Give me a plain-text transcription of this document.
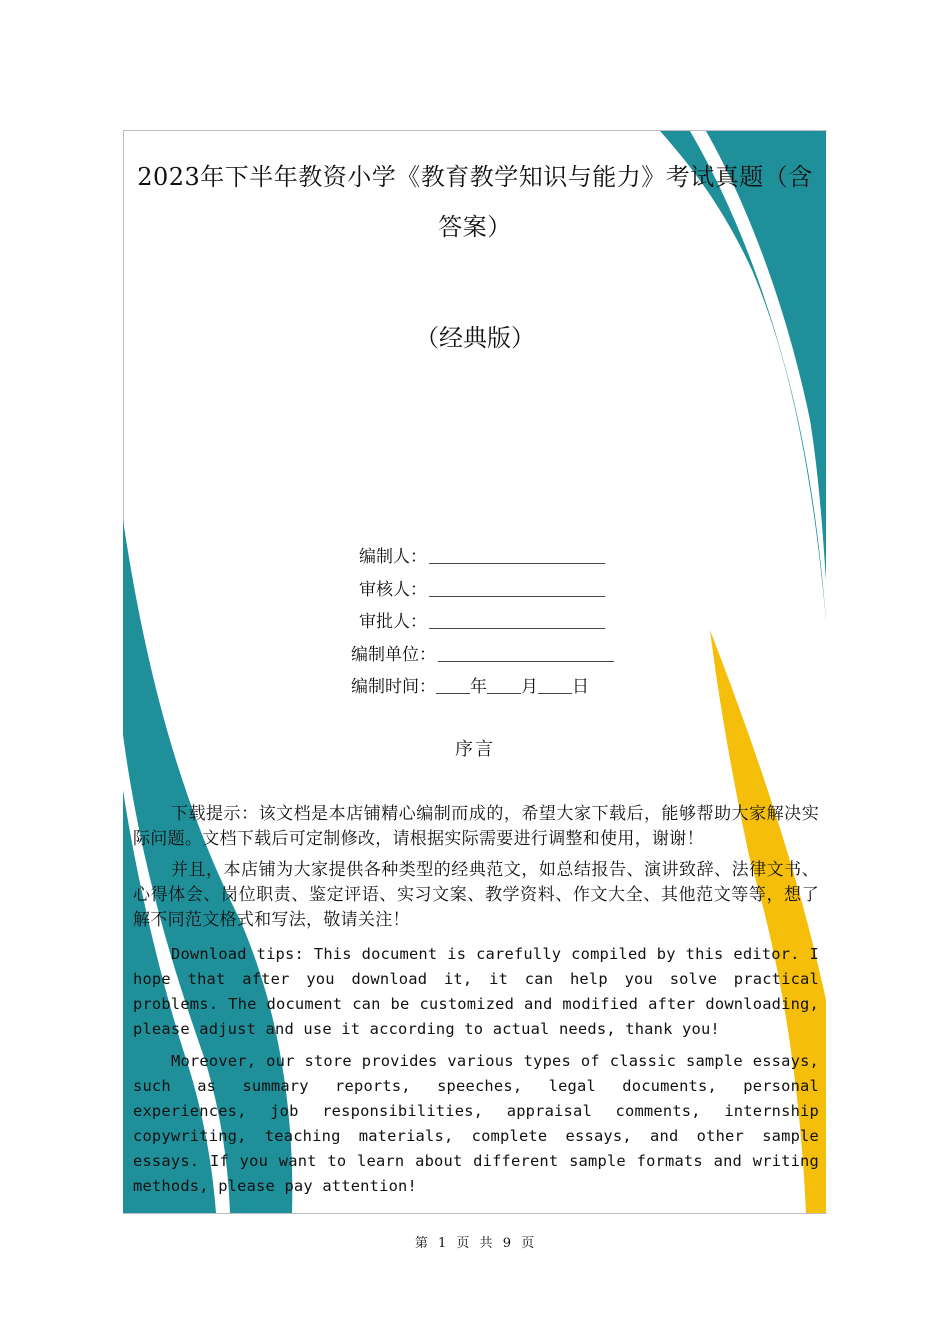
2023年下半年教资小学《教育教学知识与能力》考试真题（含
答案）
（经典版）
编制人：
审核人：
审批人：
编制单位：
编制时间： 年 月 日
序言
下载提示：该文档是本店铺精心编制而成的，希望大家下载后，能够帮助大家解决实际问题。文档下载后可定制修改，请根据实际需要进行调整和使用，谢谢！
并且，本店铺为大家提供各种类型的经典范文，如总结报告、演讲致辞、法律文书、心得体会、岗位职责、鉴定评语、实习文案、教学资料、作文大全、其他范文等等，想了解不同范文格式和写法，敬请关注！
Download tips: This document is carefully compiled by this editor. I hope that after you download it, it can help you solve practical problems. The document can be customized and modified after downloading, please adjust and use it according to actual needs, thank you!
Moreover, our store provides various types of classic sample essays, such as summary reports, speeches, legal documents, personal experiences, job responsibilities, appraisal comments, internship copywriting, teaching materials, complete essays, and other sample essays. If you want to learn about different sample formats and writing methods, please pay attention!
第 1 页 共 9 页
